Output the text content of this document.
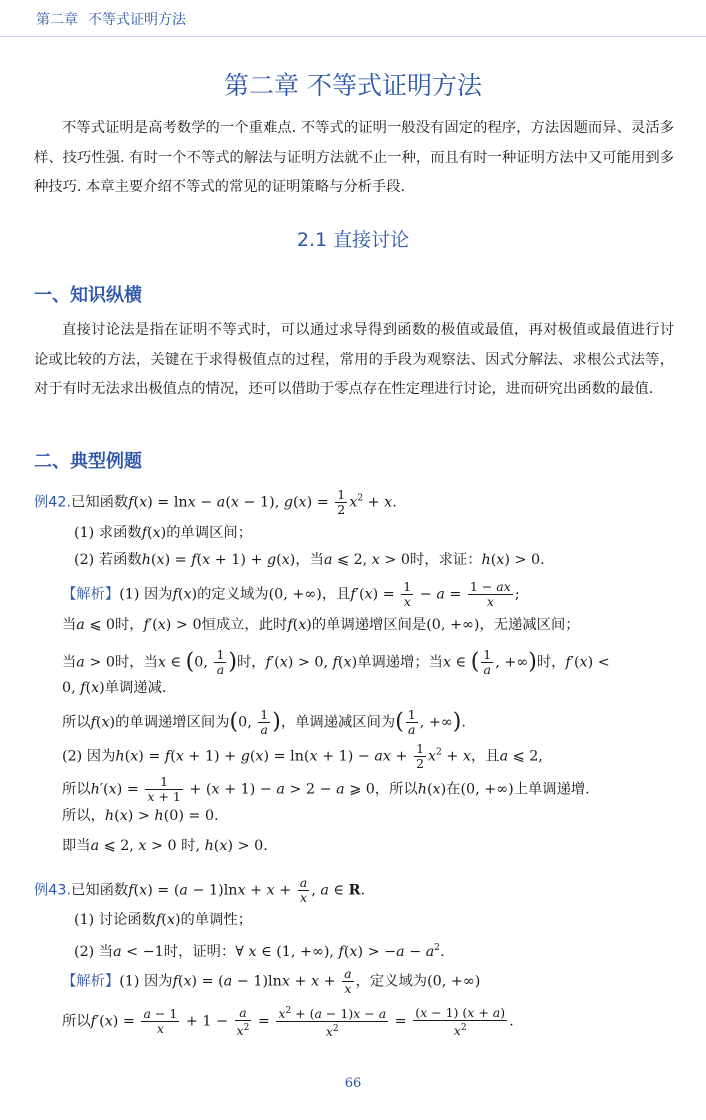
第二章 不等式证明方法
第二章 不等式证明方法

不等式证明是高考数学的一个重难点. 不等式的证明一般没有固定的程序，方法因题而异、灵活多样、技巧性强. 有时一个不等式的解法与证明方法就不止一种，而且有时一种证明方法中又可能用到多种技巧. 本章主要介绍不等式的常见的证明策略与分析手段.

2.1 直接讨论
一、知识纵横

直接讨论法是指在证明不等式时，可以通过求导得到函数的极值或最值，再对极值或最值进行讨论或比较的方法，关键在于求得极值点的过程，常用的手段为观察法、因式分解法、求根公式法等，对于有时无法求出极值点的情况，还可以借助于零点存在性定理进行讨论，进而研究出函数的最值.

二、典型例题
例42.已知函数f(x) = lnx − a(x − 1), $g(x) = \frac{1}{2} x^2 + x$.
(1) 求函数f(x)的单调区间；
(2) 若函数h(x) = f(x + 1) + g(x)，当a ⩽ 2, x > 0时，求证：h(x) > 0.
【解析】(1) 因为f(x)的定义域为(0, +∞)，且$f'(x) = \frac{1}{x} - a = \frac{1 - ax}{x}$ ;
当a ⩽ 0时，f′(x) > 0恒成立，此时f(x)的单调递增区间是(0, +∞)，无递减区间；
当a > 0时，当x ∈ (0, $\frac{1}{a}$ )时，f′(x) > 0, f(x)单调递增；当x ∈ ( $\frac{1}{a}$ , +∞)时，f′(x) <
0, f(x)单调递减.
所以f(x)的单调递增区间为(0, $\frac{1}{a}$ )，单调递减区间为( $\frac{1}{a}$ , +∞).
(2) 因为h(x) = f(x + 1) + g(x) = ln(x + 1) − ax + $\frac{1}{2} x^2 + x$，且a ⩽ 2,
所以$h'(x) = \frac{1}{x + 1} + (x + 1) - a > 2 - a$ ⩾ 0，所以h(x)在(0, +∞)上单调递增.
所以，h(x) > h(0) = 0.
即当a ⩽ 2, x > 0 时, h(x) > 0.
例43.已知函数$f(x) = (a - 1)\ln x + x + \frac{a}{x}$ , a ∈ R.
(1) 讨论函数f(x)的单调性；
(2) 当a < −1时，证明：∀ x ∈ (1, +∞), $f(x) > -a - a^2$.
【解析】(1) 因为$f(x) = (a - 1)\ln x + x + \frac{a}{x}$ ，定义域为(0, +∞)
所以$f'(x) = \frac{a - 1}{x} + 1 - \frac{a}{x^2} = \frac{x^2 + (a - 1)x - a}{x^2} = \frac{(x - 1) (x + a)}{x^2}$ .
66
